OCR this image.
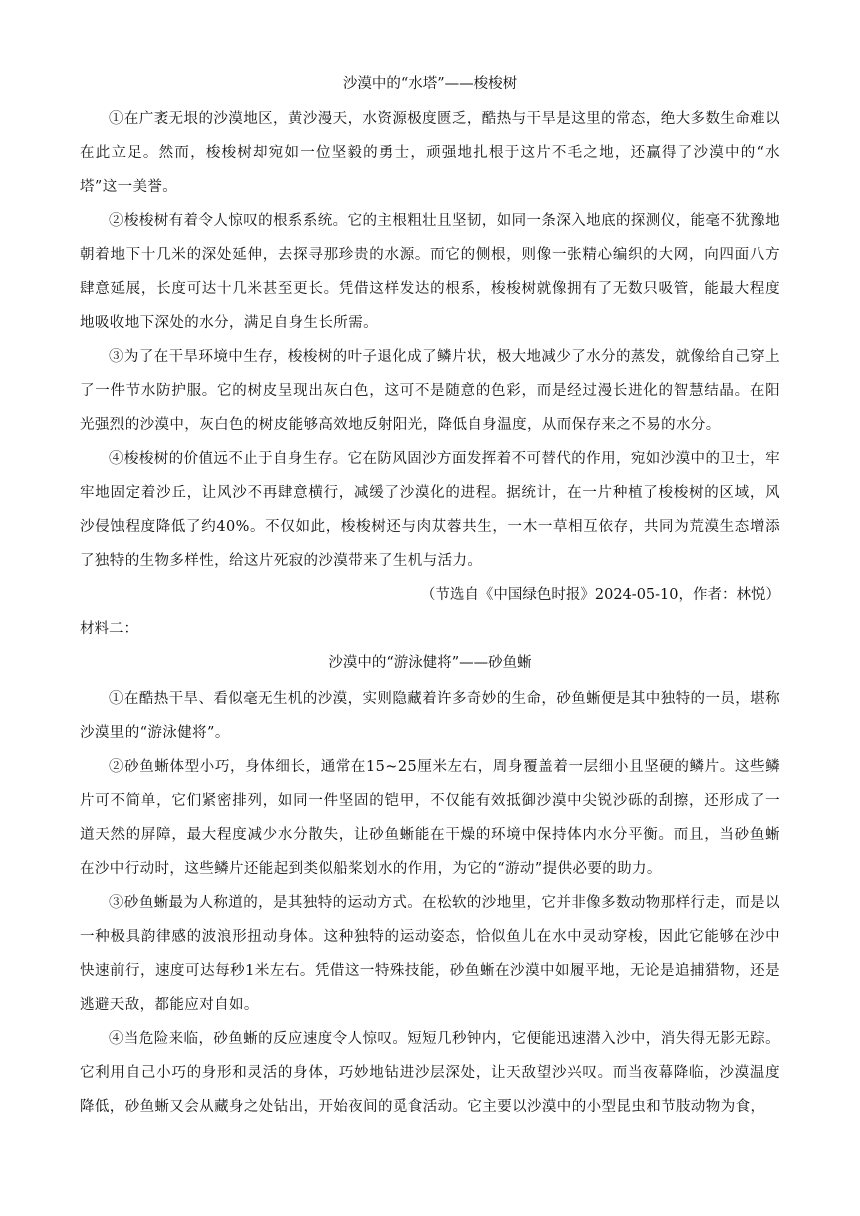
沙漠中的“水塔”——梭梭树

①在广袤无垠的沙漠地区，黄沙漫天，水资源极度匮乏，酷热与干旱是这里的常态，绝大多数生命难以在此立足。然而，梭梭树却宛如一位坚毅的勇士，顽强地扎根于这片不毛之地，还赢得了沙漠中的“水塔”这一美誉。

②梭梭树有着令人惊叹的根系系统。它的主根粗壮且坚韧，如同一条深入地底的探测仪，能毫不犹豫地朝着地下十几米的深处延伸，去探寻那珍贵的水源。而它的侧根，则像一张精心编织的大网，向四面八方肆意延展，长度可达十几米甚至更长。凭借这样发达的根系，梭梭树就像拥有了无数只吸管，能最大程度地吸收地下深处的水分，满足自身生长所需。

③为了在干旱环境中生存，梭梭树的叶子退化成了鳞片状，极大地减少了水分的蒸发，就像给自己穿上了一件节水防护服。它的树皮呈现出灰白色，这可不是随意的色彩，而是经过漫长进化的智慧结晶。在阳光强烈的沙漠中，灰白色的树皮能够高效地反射阳光，降低自身温度，从而保存来之不易的水分。

④梭梭树的价值远不止于自身生存。它在防风固沙方面发挥着不可替代的作用，宛如沙漠中的卫士，牢牢地固定着沙丘，让风沙不再肆意横行，减缓了沙漠化的进程。据统计，在一片种植了梭梭树的区域，风沙侵蚀程度降低了约40%。不仅如此，梭梭树还与肉苁蓉共生，一木一草相互依存，共同为荒漠生态增添了独特的生物多样性，给这片死寂的沙漠带来了生机与活力。

（节选自《中国绿色时报》2024-05-10，作者：林悦）

材料二：

沙漠中的“游泳健将”——砂鱼蜥

①在酷热干旱、看似毫无生机的沙漠，实则隐藏着许多奇妙的生命，砂鱼蜥便是其中独特的一员，堪称沙漠里的“游泳健将”。

②砂鱼蜥体型小巧，身体细长，通常在15~25厘米左右，周身覆盖着一层细小且坚硬的鳞片。这些鳞片可不简单，它们紧密排列，如同一件坚固的铠甲，不仅能有效抵御沙漠中尖锐沙砾的刮擦，还形成了一道天然的屏障，最大程度减少水分散失，让砂鱼蜥能在干燥的环境中保持体内水分平衡。而且，当砂鱼蜥在沙中行动时，这些鳞片还能起到类似船桨划水的作用，为它的“游动”提供必要的助力。

③砂鱼蜥最为人称道的，是其独特的运动方式。在松软的沙地里，它并非像多数动物那样行走，而是以一种极具韵律感的波浪形扭动身体。这种独特的运动姿态，恰似鱼儿在水中灵动穿梭，因此它能够在沙中快速前行，速度可达每秒1米左右。凭借这一特殊技能，砂鱼蜥在沙漠中如履平地，无论是追捕猎物，还是逃避天敌，都能应对自如。

④当危险来临，砂鱼蜥的反应速度令人惊叹。短短几秒钟内，它便能迅速潜入沙中，消失得无影无踪。它利用自己小巧的身形和灵活的身体，巧妙地钻进沙层深处，让天敌望沙兴叹。而当夜幕降临，沙漠温度降低，砂鱼蜥又会从藏身之处钻出，开始夜间的觅食活动。它主要以沙漠中的小型昆虫和节肢动物为食，
